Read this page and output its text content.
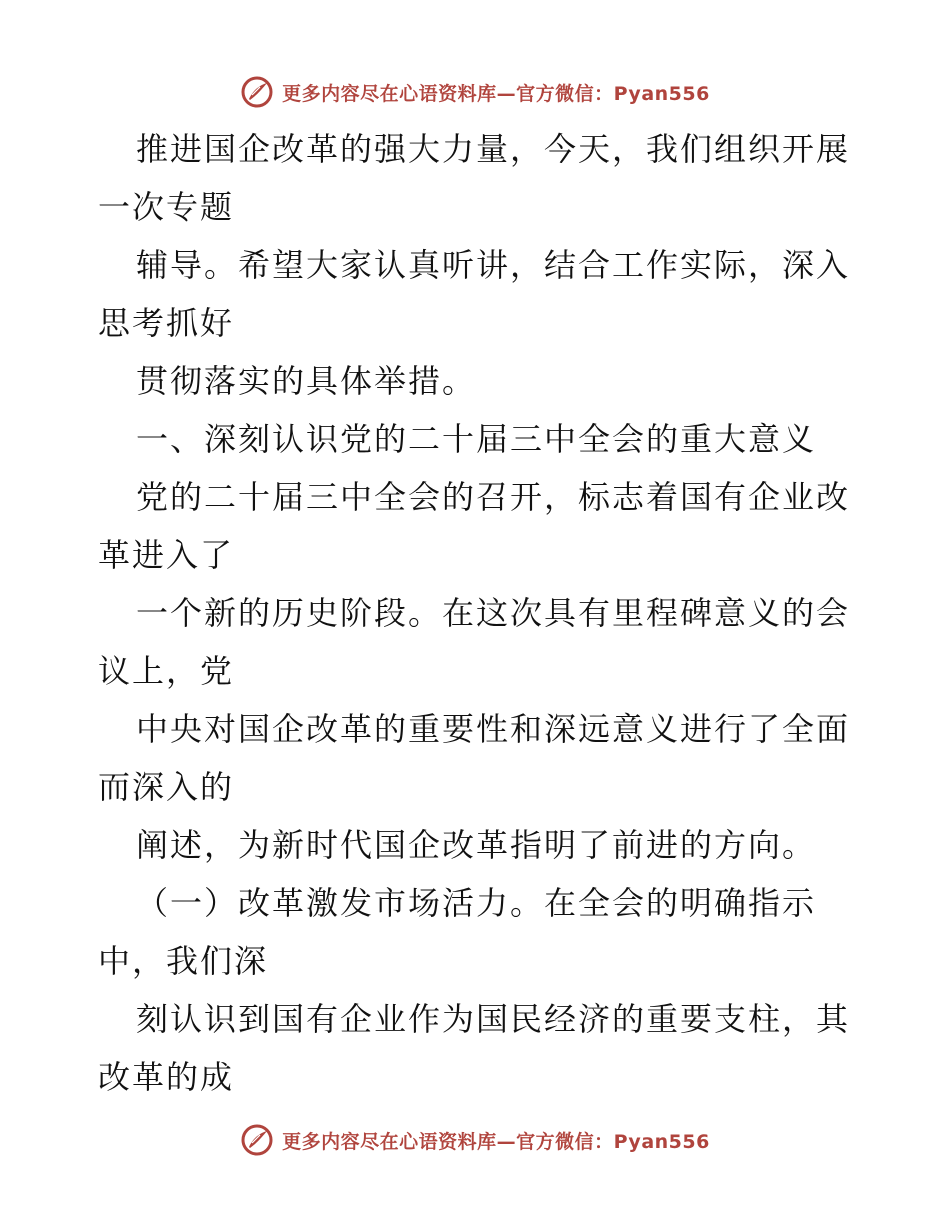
更多内容尽在心语资料库—官方微信：Pyan556

推进国企改革的强大力量，今天，我们组织开展

一次专题

辅导。希望大家认真听讲，结合工作实际，深入

思考抓好

贯彻落实的具体举措。

一、深刻认识党的二十届三中全会的重大意义

党的二十届三中全会的召开，标志着国有企业改

革进入了

一个新的历史阶段。在这次具有里程碑意义的会

议上，党

中央对国企改革的重要性和深远意义进行了全面

而深入的

阐述，为新时代国企改革指明了前进的方向。

（一）改革激发市场活力。在全会的明确指示

中，我们深

刻认识到国有企业作为国民经济的重要支柱，其

改革的成

更多内容尽在心语资料库—官方微信：Pyan556
